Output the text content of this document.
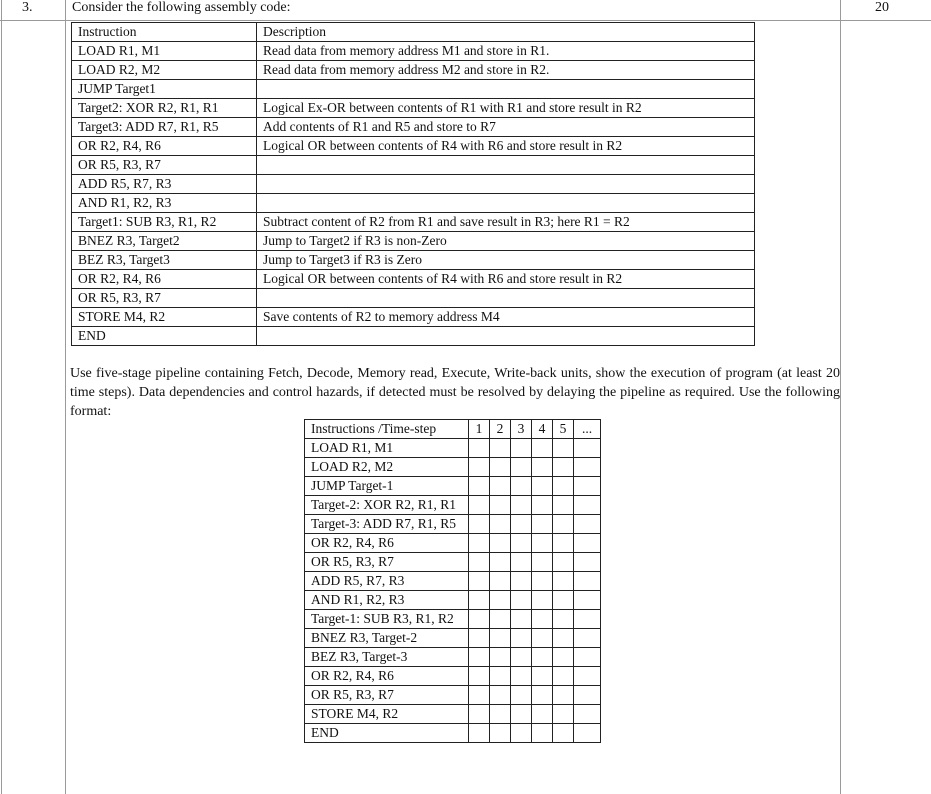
3.	Consider the following assembly code:	20
Instruction	Description
LOAD R1, M1	Read data from memory address M1 and store in R1.
LOAD R2, M2	Read data from memory address M2 and store in R2.
JUMP Target1	
Target2: XOR R2, R1, R1	Logical Ex-OR between contents of R1 with R1 and store result in R2
Target3: ADD R7, R1, R5	Add contents of R1 and R5 and store to R7
OR R2, R4, R6	Logical OR between contents of R4 with R6 and store result in R2
OR R5, R3, R7	
ADD R5, R7, R3	
AND R1, R2, R3	
Target1: SUB R3, R1, R2	Subtract content of R2 from R1 and save result in R3; here R1 = R2
BNEZ R3, Target2	Jump to Target2 if R3 is non-Zero
BEZ R3, Target3	Jump to Target3 if R3 is Zero
OR R2, R4, R6	Logical OR between contents of R4 with R6 and store result in R2
OR R5, R3, R7	
STORE M4, R2	Save contents of R2 to memory address M4
END	
Use five-stage pipeline containing Fetch, Decode, Memory read, Execute, Write-back units, show the execution of program (at least 20 time steps). Data dependencies and control hazards, if detected must be resolved by delaying the pipeline as required. Use the following format:
Instructions /Time-step	1	2	3	4	5	...
LOAD R1, M1						
LOAD R2, M2						
JUMP Target-1						
Target-2: XOR R2, R1, R1						
Target-3: ADD R7, R1, R5						
OR R2, R4, R6						
OR R5, R3, R7						
ADD R5, R7, R3						
AND R1, R2, R3						
Target-1: SUB R3, R1, R2						
BNEZ R3, Target-2						
BEZ R3, Target-3						
OR R2, R4, R6						
OR R5, R3, R7						
STORE M4, R2						
END						
